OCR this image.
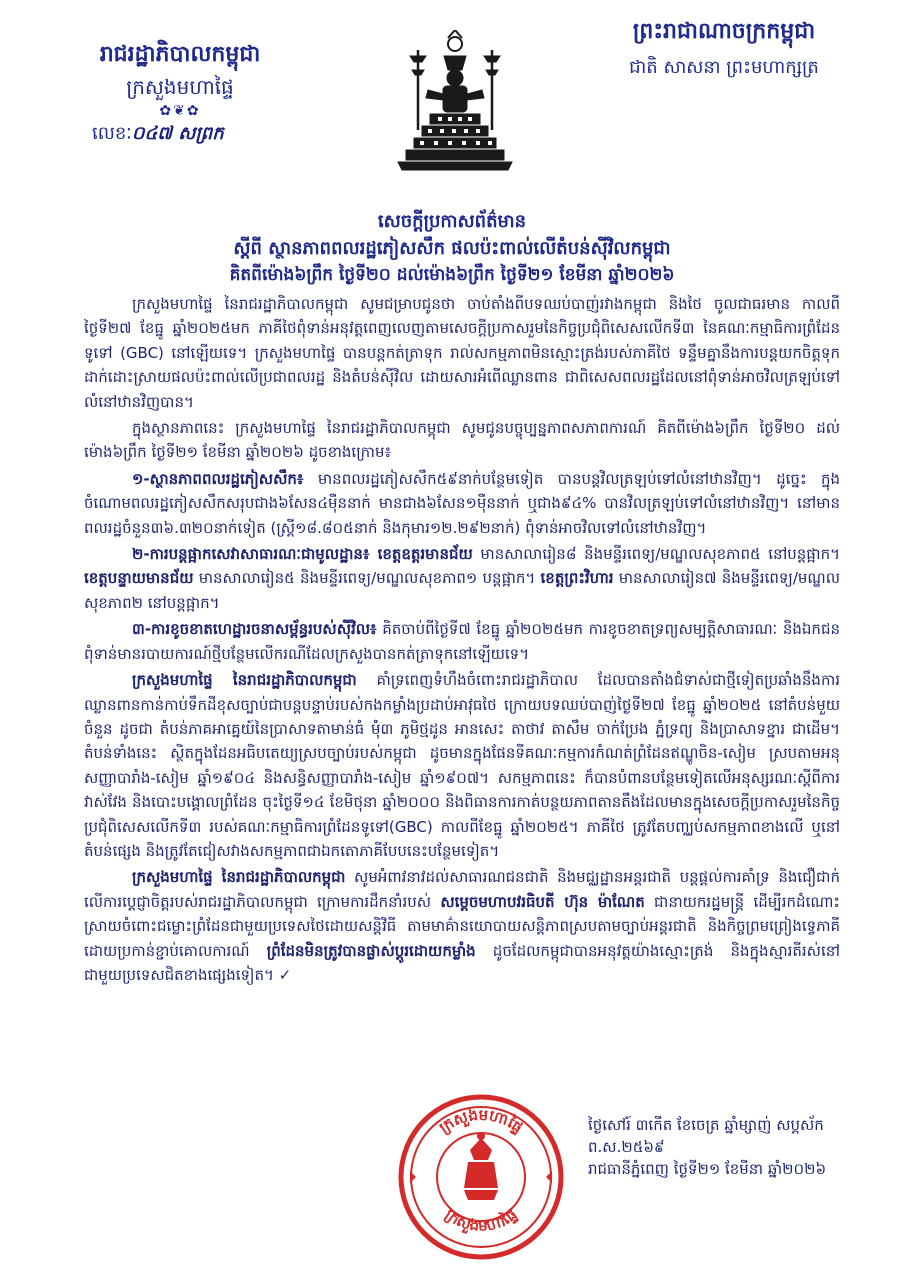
រាជរដ្ឋាភិបាលកម្ពុជា
ក្រសួងមហាផ្ទៃ
✿❦✿
លេខៈ០៤៧ សព្រក
ព្រះរាជាណាចក្រកម្ពុជា
ជាតិ សាសនា ព្រះមហាក្សត្រ
សេចក្តីប្រកាសព័ត៌មាន
ស្តីពី ស្ថានភាពពលរដ្ឋភៀសសឹក ផលប៉ះពាល់លើតំបន់ស៊ីវិលកម្ពុជា
គិតពីម៉ោង៦ព្រឹក ថ្ងៃទី២០ ដល់ម៉ោង៦ព្រឹក ថ្ងៃទី២១ ខែមីនា ឆ្នាំ២០២៦

ក្រសួងមហាផ្ទៃ នៃរាជរដ្ឋាភិបាលកម្ពុជា សូមជម្រាបជូនថា ចាប់តាំងពីបទឈប់បាញ់រវាងកម្ពុជា និងថៃ ចូលជាធរមាន កាលពីថ្ងៃទី២៧ ខែធ្នូ ឆ្នាំ២០២៥មក ភាគីថៃពុំទាន់អនុវត្តពេញលេញតាមសេចក្តីប្រកាសរួមនៃកិច្ចប្រជុំពិសេសលើកទី៣ នៃគណៈកម្មាធិការព្រំដែនទូទៅ (GBC) នៅឡើយទេ។ ក្រសួងមហាផ្ទៃ បានបន្តកត់ត្រាទុក រាល់សកម្មភាពមិនស្មោះត្រង់របស់ភាគីថៃ ទន្ទឹមគ្នានឹងការបន្តយកចិត្តទុកដាក់ដោះស្រាយផលប៉ះពាល់លើប្រជាពលរដ្ឋ និងតំបន់ស៊ីវិល ដោយសារអំពើឈ្លានពាន ជាពិសេសពលរដ្ឋដែលនៅពុំទាន់អាចវិលត្រឡប់ទៅលំនៅឋានវិញបាន។

ក្នុងស្ថានភាពនេះ ក្រសួងមហាផ្ទៃ នៃរាជរដ្ឋាភិបាលកម្ពុជា សូមជូនបច្ចុប្បន្នភាពសភាពការណ៍ គិតពីម៉ោង៦ព្រឹក ថ្ងៃទី២០ ដល់ម៉ោង៦ព្រឹក ថ្ងៃទី២១ ខែមីនា ឆ្នាំ២០២៦ ដូចខាងក្រោម៖

១-ស្ថានភាពពលរដ្ឋភៀសសឹក៖ មានពលរដ្ឋភៀសសឹក៥៩នាក់បន្ថែមទៀត បានបន្តវិលត្រឡប់ទៅលំនៅឋានវិញ។ ដូច្នេះ ក្នុងចំណោមពលរដ្ឋភៀសសឹកសរុបជាង៦សែន៤ម៉ឺននាក់ មានជាង៦សែន១ម៉ឺននាក់ ឬជាង៩៤% បានវិលត្រឡប់ទៅលំនៅឋានវិញ។ នៅមានពលរដ្ឋចំនួន៣៦.៣២០នាក់ទៀត (ស្ត្រី១៨.៨០៥នាក់ និងកុមារ១២.២៩២នាក់) ពុំទាន់អាចវិលទៅលំនៅឋានវិញ។

២-ការបន្តផ្អាកសេវាសាធារណៈជាមូលដ្ឋាន៖ ខេត្តឧត្តរមានជ័យ មានសាលារៀន៨ និងមន្ទីរពេទ្យ/មណ្ឌលសុខភាព៥ នៅបន្តផ្អាក។ ខេត្តបន្ទាយមានជ័យ មានសាលារៀន៥ និងមន្ទីរពេទ្យ/មណ្ឌលសុខភាព១ បន្តផ្អាក។ ខេត្តព្រះវិហារ មានសាលារៀន៧ និងមន្ទីរពេទ្យ/មណ្ឌលសុខភាព២ នៅបន្តផ្អាក។

៣-ការខូចខាតហេដ្ឋារចនាសម្ព័ន្ធរបស់ស៊ីវិល៖ គិតចាប់ពីថ្ងៃទី៧ ខែធ្នូ ឆ្នាំ២០២៥មក ការខូចខាតទ្រព្យសម្បត្តិសាធារណៈ និងឯកជន ពុំទាន់មានរបាយការណ៍ថ្មីបន្ថែមលើករណីដែលក្រសួងបានកត់ត្រាទុកនៅឡើយទេ។

ក្រសួងមហាផ្ទៃ នៃរាជរដ្ឋាភិបាលកម្ពុជា គាំទ្រពេញទំហឹងចំពោះរាជរដ្ឋាភិបាល ដែលបានតាំងជំទាស់ជាថ្មីទៀតប្រឆាំងនឹងការឈ្លានពានកាន់កាប់ទឹកដីខុសច្បាប់ជាបន្តបន្ទាប់របស់កងកម្លាំងប្រដាប់អាវុធថៃ ក្រោយបទឈប់បាញ់ថ្ងៃទី២៧ ខែធ្នូ ឆ្នាំ២០២៥ នៅតំបន់មួយចំនួន ដូចជា តំបន់ភាគអាគ្នេយ៍នៃប្រាសាទតាមាន់ធំ ម៉ុំ៣ ភូមិថ្មដូន អានសេះ តាថាវ តាសឹម ចាក់ប្រែង ភ្នំទ្រព្យ និងប្រាសាទខ្នារ ជាដើម។ តំបន់ទាំងនេះ ស្ថិតក្នុងដែនអធិបតេយ្យស្របច្បាប់របស់កម្ពុជា ដូចមានក្នុងផែនទីគណៈកម្មការកំណត់ព្រំដែនឥណ្ឌូចិន-សៀម ស្របតាមអនុសញ្ញាបារាំង-សៀម ឆ្នាំ១៩០៤ និងសន្ធិសញ្ញាបារាំង-សៀម ឆ្នាំ១៩០៧។ សកម្មភាពនេះ ក៏បានបំពានបន្ថែមទៀតលើអនុស្សរណៈស្តីពីការវាស់វែង និងបោះបង្គោលព្រំដែន ចុះថ្ងៃទី១៤ ខែមិថុនា ឆ្នាំ២០០០ និងពិធានការកាត់បន្ថយភាពតានតឹងដែលមានក្នុងសេចក្តីប្រកាសរួមនៃកិច្ចប្រជុំពិសេសលើកទី៣ របស់គណៈកម្មាធិការព្រំដែនទូទៅ(GBC) កាលពីខែធ្នូ ឆ្នាំ២០២៥។ ភាគីថៃ ត្រូវតែបញ្ឈប់សកម្មភាពខាងលើ ឬនៅតំបន់ផ្សេង និងត្រូវតែជៀសវាងសកម្មភាពជាឯកតោភាគីបែបនេះបន្ថែមទៀត។

ក្រសួងមហាផ្ទៃ នៃរាជរដ្ឋាភិបាលកម្ពុជា សូមអំពាវនាវដល់សាធារណជនជាតិ និងមជ្ឈដ្ឋានអន្តរជាតិ បន្តផ្តល់ការគាំទ្រ និងជឿជាក់លើការប្តេជ្ញាចិត្តរបស់រាជរដ្ឋាភិបាលកម្ពុជា ក្រោមការដឹកនាំរបស់ សម្តេចមហាបវរធិបតី ហ៊ុន ម៉ាណែត ជានាយករដ្ឋមន្ត្រី ដើម្បីរកដំណោះស្រាយចំពោះជម្លោះព្រំដែនជាមួយប្រទេសថៃដោយសន្តិវិធី តាមមាគ៌ានយោបាយសន្តិភាពស្របតាមច្បាប់អន្តរជាតិ និងកិច្ចព្រមព្រៀងទ្វេភាគី ដោយប្រកាន់ខ្ជាប់គោលការណ៍ ព្រំដែនមិនត្រូវបានផ្លាស់ប្តូរដោយកម្លាំង ដូចដែលកម្ពុជាបានអនុវត្តយ៉ាងស្មោះត្រង់ និងក្នុងស្មារតីរស់នៅជាមួយប្រទេសជិតខាងផ្សេងទៀត។ ✓

ក្រសួងមហាផ្ទៃ
ក្រសួងមហាផ្ទៃ
ថ្ងៃសៅរ៍ ៣កើត ខែចេត្រ ឆ្នាំម្សាញ់ សប្តស័ក ព.ស.២៥៦៩
រាជធានីភ្នំពេញ ថ្ងៃទី២១ ខែមីនា ឆ្នាំ២០២៦
